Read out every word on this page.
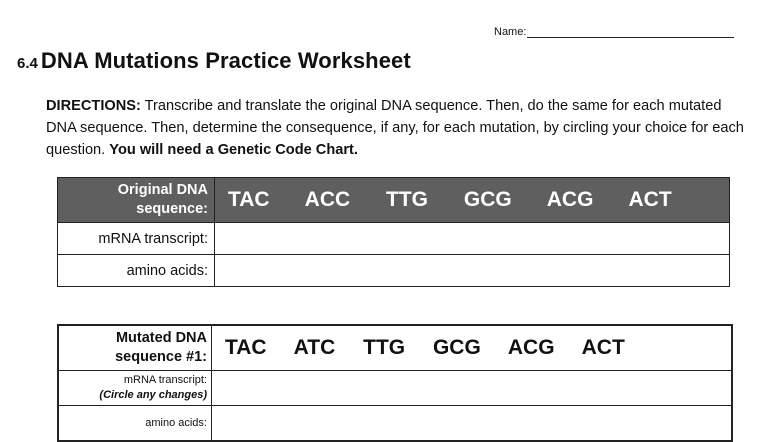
Name:
6.4 DNA Mutations Practice Worksheet
DIRECTIONS: Transcribe and translate the original DNA sequence. Then, do the same for each mutated DNA sequence. Then, determine the consequence, if any, for each mutation, by circling your choice for each question. You will need a Genetic Code Chart.
Original DNA
sequence:	TAC ACC TTG GCG ACG ACT
mRNA transcript:	
amino acids:	
Mutated DNA
sequence #1:	TAC ATC TTG GCG ACG ACT

mRNA transcript:
(Circle any changes)	

amino acids:	
